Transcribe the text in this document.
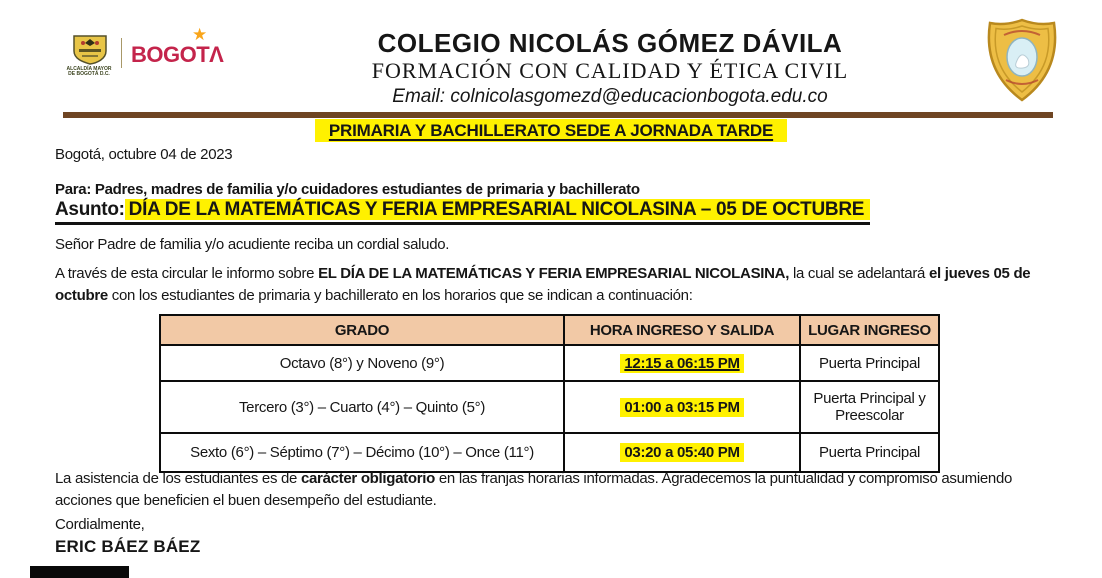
ALCALDÍA MAYOR
DE BOGOTÁ D.C.
BOGOTΛ
★	COLEGIO NICOLÁS GÓMEZ DÁVILA
FORMACIÓN CON CALIDAD Y ÉTICA CIVIL
Email: colnicolasgomezd@educacionbogota.edu.co
PRIMARIA Y BACHILLERATO SEDE A JORNADA TARDE
Bogotá, octubre 04 de 2023
Para: Padres, madres de familia y/o cuidadores estudiantes de primaria y bachillerato
Asunto: DÍA DE LA MATEMÁTICAS Y FERIA EMPRESARIAL NICOLASINA – 05 DE OCTUBRE
Señor Padre de familia y/o acudiente reciba un cordial saludo.
A través de esta circular le informo sobre EL DÍA DE LA MATEMÁTICAS Y FERIA EMPRESARIAL NICOLASINA, la cual se adelantará el jueves 05 de octubre con los estudiantes de primaria y bachillerato en los horarios que se indican a continuación:
GRADO	HORA INGRESO Y SALIDA	LUGAR INGRESO
Octavo (8°) y Noveno (9°)	12:15 a 06:15 PM	Puerta Principal
Tercero (3°) – Cuarto (4°) – Quinto (5°)	01:00 a 03:15 PM	Puerta Principal y Preescolar
Sexto (6°) – Séptimo (7°) – Décimo (10°) – Once (11°)	03:20 a 05:40 PM	Puerta Principal
La asistencia de los estudiantes es de carácter obligatorio en las franjas horarias informadas. Agradecemos la puntualidad y compromiso asumiendo acciones que beneficien el buen desempeño del estudiante.
Cordialmente,
ERIC BÁEZ BÁEZ
